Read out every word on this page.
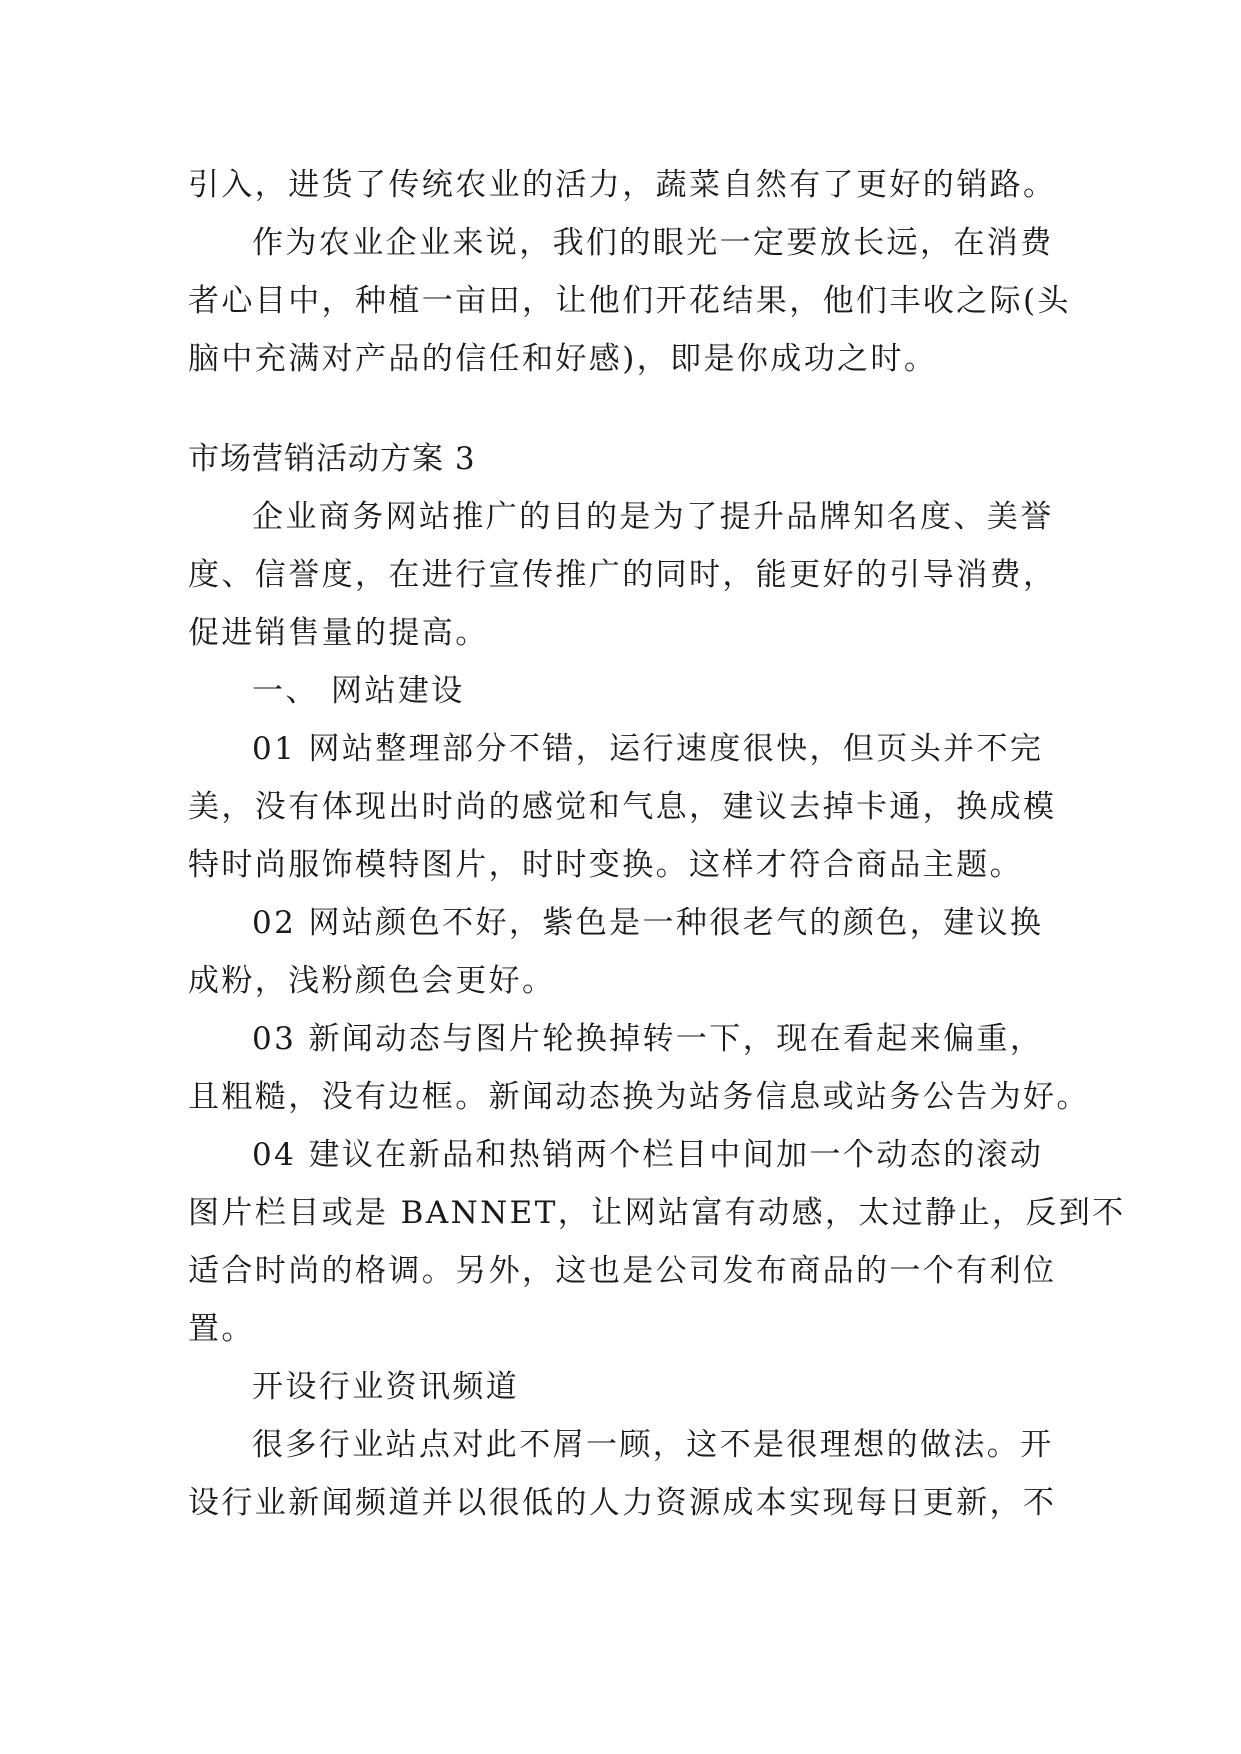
引入，进货了传统农业的活力，蔬菜自然有了更好的销路。
作为农业企业来说，我们的眼光一定要放长远，在消费
者心目中，种植一亩田，让他们开花结果，他们丰收之际(头
脑中充满对产品的信任和好感)，即是你成功之时。
市场营销活动方案 3
企业商务网站推广的目的是为了提升品牌知名度、美誉
度、信誉度，在进行宣传推广的同时，能更好的引导消费，
促进销售量的提高。
一、 网站建设
01 网站整理部分不错，运行速度很快，但页头并不完
美，没有体现出时尚的感觉和气息，建议去掉卡通，换成模
特时尚服饰模特图片，时时变换。这样才符合商品主题。
02 网站颜色不好，紫色是一种很老气的颜色，建议换
成粉，浅粉颜色会更好。
03 新闻动态与图片轮换掉转一下，现在看起来偏重，
且粗糙，没有边框。新闻动态换为站务信息或站务公告为好。
04 建议在新品和热销两个栏目中间加一个动态的滚动
图片栏目或是 BANNET，让网站富有动感，太过静止，反到不
适合时尚的格调。另外，这也是公司发布商品的一个有利位
置。
开设行业资讯频道
很多行业站点对此不屑一顾，这不是很理想的做法。开
设行业新闻频道并以很低的人力资源成本实现每日更新，不
